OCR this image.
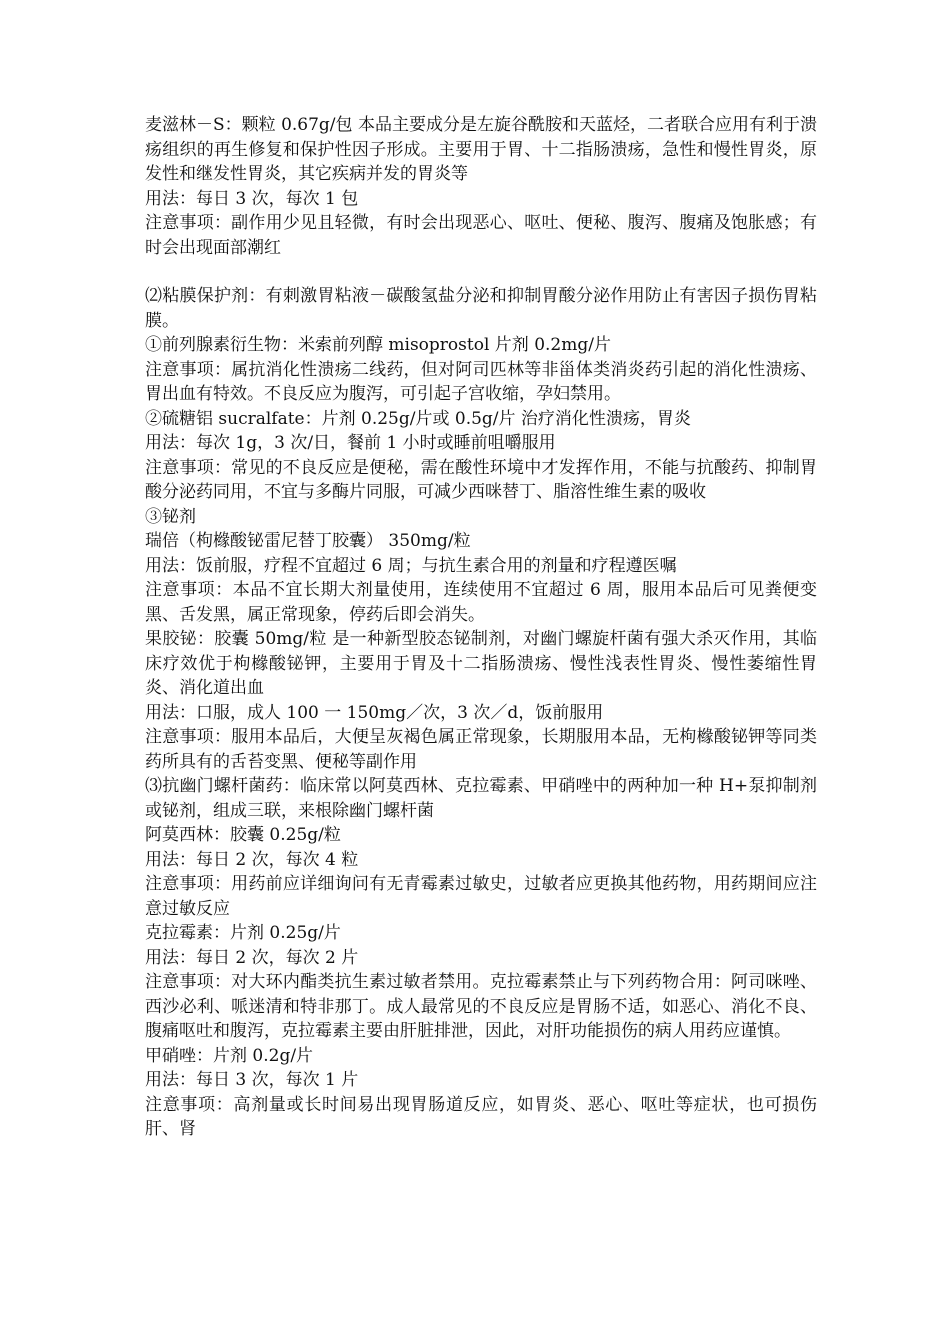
麦滋林－S：颗粒 0.67g/包 本品主要成分是左旋谷酰胺和天蓝烃，二者联合应用有利于溃疡组织的再生修复和保护性因子形成。主要用于胃、十二指肠溃疡，急性和慢性胃炎，原发性和继发性胃炎，其它疾病并发的胃炎等

用法：每日 3 次，每次 1 包

注意事项：副作用少见且轻微，有时会出现恶心、呕吐、便秘、腹泻、腹痛及饱胀感；有时会出现面部潮红

⑵粘膜保护剂：有刺激胃粘液－碳酸氢盐分泌和抑制胃酸分泌作用防止有害因子损伤胃粘膜。

①前列腺素衍生物：米索前列醇 misoprostol 片剂 0.2mg/片

注意事项：属抗消化性溃疡二线药，但对阿司匹林等非甾体类消炎药引起的消化性溃疡、胃出血有特效。不良反应为腹泻，可引起子宫收缩，孕妇禁用。

②硫糖铝 sucralfate：片剂 0.25g/片或 0.5g/片 治疗消化性溃疡，胃炎

用法：每次 1g，3 次/日，餐前 1 小时或睡前咀嚼服用

注意事项：常见的不良反应是便秘，需在酸性环境中才发挥作用，不能与抗酸药、抑制胃酸分泌药同用，不宜与多酶片同服，可减少西咪替丁、脂溶性维生素的吸收

③铋剂

瑞倍（枸橼酸铋雷尼替丁胶囊） 350mg/粒

用法：饭前服，疗程不宜超过 6 周；与抗生素合用的剂量和疗程遵医嘱

注意事项：本品不宜长期大剂量使用，连续使用不宜超过 6 周，服用本品后可见粪便变黑、舌发黑，属正常现象，停药后即会消失。

果胶铋：胶囊 50mg/粒 是一种新型胶态铋制剂，对幽门螺旋杆菌有强大杀灭作用，其临床疗效优于枸橼酸铋钾，主要用于胃及十二指肠溃疡、慢性浅表性胃炎、慢性萎缩性胃炎、消化道出血

用法：口服，成人 100 一 150mg／次，3 次／d，饭前服用

注意事项：服用本品后，大便呈灰褐色属正常现象，长期服用本品，无枸橼酸铋钾等同类药所具有的舌苔变黑、便秘等副作用

⑶抗幽门螺杆菌药：临床常以阿莫西林、克拉霉素、甲硝唑中的两种加一种 H+泵抑制剂或铋剂，组成三联，来根除幽门螺杆菌

阿莫西林：胶囊 0.25g/粒

用法：每日 2 次，每次 4 粒

注意事项：用药前应详细询问有无青霉素过敏史，过敏者应更换其他药物，用药期间应注意过敏反应

克拉霉素：片剂 0.25g/片

用法：每日 2 次，每次 2 片

注意事项：对大环内酯类抗生素过敏者禁用。克拉霉素禁止与下列药物合用：阿司咪唑、西沙必利、哌迷清和特非那丁。成人最常见的不良反应是胃肠不适，如恶心、消化不良、腹痛呕吐和腹泻，克拉霉素主要由肝脏排泄，因此，对肝功能损伤的病人用药应谨慎。

甲硝唑：片剂 0.2g/片

用法：每日 3 次，每次 1 片

注意事项：高剂量或长时间易出现胃肠道反应，如胃炎、恶心、呕吐等症状，也可损伤肝、肾
